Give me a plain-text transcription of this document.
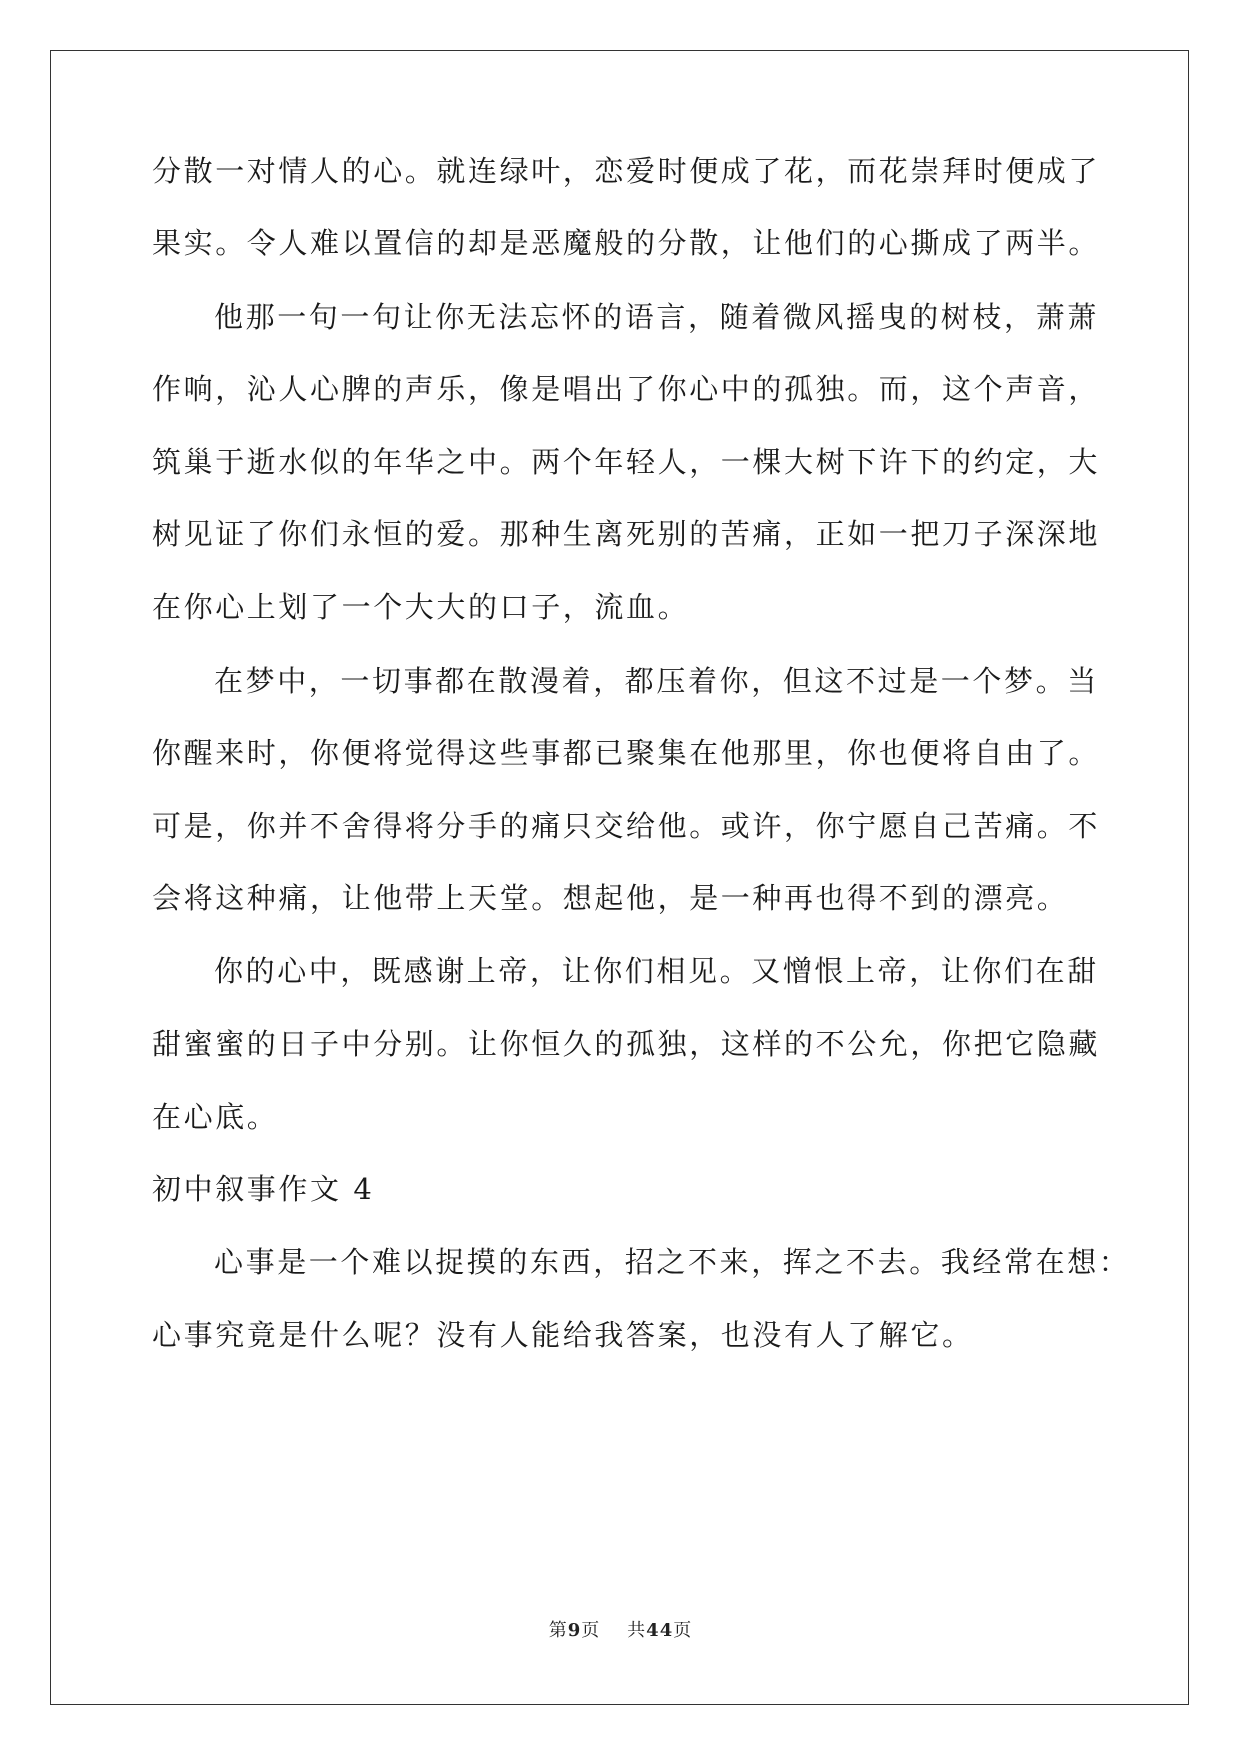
分散一对情人的心。就连绿叶，恋爱时便成了花，而花崇拜时便成了
果实。令人难以置信的却是恶魔般的分散，让他们的心撕成了两半。
他那一句一句让你无法忘怀的语言，随着微风摇曳的树枝，萧萧
作响，沁人心脾的声乐，像是唱出了你心中的孤独。而，这个声音，
筑巢于逝水似的年华之中。两个年轻人，一棵大树下许下的约定，大
树见证了你们永恒的爱。那种生离死别的苦痛，正如一把刀子深深地
在你心上划了一个大大的口子，流血。
在梦中，一切事都在散漫着，都压着你，但这不过是一个梦。当
你醒来时，你便将觉得这些事都已聚集在他那里，你也便将自由了。
可是，你并不舍得将分手的痛只交给他。或许，你宁愿自己苦痛。不
会将这种痛，让他带上天堂。想起他，是一种再也得不到的漂亮。
你的心中，既感谢上帝，让你们相见。又憎恨上帝，让你们在甜
甜蜜蜜的日子中分别。让你恒久的孤独，这样的不公允，你把它隐藏
在心底。
初中叙事作文 4
心事是一个难以捉摸的东西，招之不来，挥之不去。我经常在想：
心事究竟是什么呢？没有人能给我答案，也没有人了解它。
第9页 共44页
